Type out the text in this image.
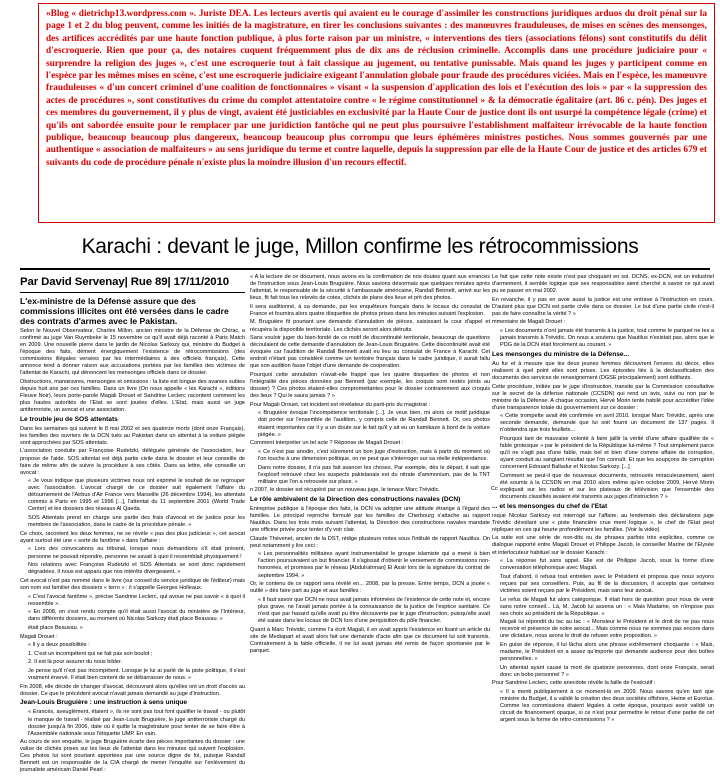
«Blog « dietrichp13.wordpress.com ». Juriste DEA. Les lecteurs avertis qui avaient eu le courage d'assimiler les constructions juridiques arduos du droit pénal sur la page 1 et 2 du blog peuvent, comme les initiés de la magistrature, en tirer les conclusions suivantes : des manœuvres frauduleuses, de mises en scènes des mensonges, des artifices accrédités par une haute fonction publique, à plus forte raison par un ministre, « interventions des tiers (associations félons) sont constitutifs du délit d'escroquerie. Rien que pour ça, des notaires cuquent fréquemment plus de dix ans de réclusion criminelle. Accomplis dans une procédure judiciaire pour « surprendre la religion des juges », c'est une escroquerie tout à fait classique au jugement, ou tentative punissable. Mais quand les juges y participent comme en l'espèce par les mêmes mises en scène, c'est une escroquerie judiciaire exigeant l'annulation globale pour fraude des procédures viciées. Mais en l'espèce, les manœuvre frauduleuses « d'un concert criminel d'une coalition de fonctionnaires » visant « la suspension d'application des lois et l'exécution des lois » par « la suppression des actes de procédures », sont constitutives du crime du complot attentatoire contre « le régime constitutionnel » & la démocratie égalitaire (art. 86 c. pén). Des juges et ces membres du gouvernement, il y plus de vingt, avaient été justiciables en exclusivité par la Haute Cour de justice dont ils ont usurpé la compétence légale (crime) et qu'ils ont sabordée ensuite pour le remplacer par une juridiction fantôche qui ne peut plus poursuivre l'establishment malfaiteur irrévocable de la haute fonction publique, beaucoup beaucoup plus dangereux, beaucoup beaucoup plus corrompu que leurs éphémères ministres postiches. Nous sommes gouvernés par une authentique « association de malfaiteurs » au sens juridique du terme et contre laquelle, depuis la suppression par elle de la Haute Cour de justice et des articles 679 et suivants du code de procédure pénale n'existe plus la moindre illusion d'un recours effectif.

Karachi : devant le juge, Millon confirme les rétrocommissions
Par David Servenay| Rue 89| 17/11/2010
L'ex-ministre de la Défense assure que des commissions illicites ont été versées dans le cadre des contrats d'armes avec le Pakistan.

Selon le Nouvel Observateur, Charles Millon, ancien ministre de la Défense de Chirac, a confirmé au juge Van Ruymbeke le 15 novembre ce qu'il avait déjà raconté à Paris Match en 2009. Une nouvelle pierre dans le jardin de Nicolas Sarkozy qui, ministre du Budget à l'époque des faits, dément énergiquement l'existence de rétrocommissions (des commissions illégales versées par les intermédiaires à des officiels français). Cette annonce tend à donner raison aux accusations portées par les familles des victimes de l'attentat de Karachi, qui dénoncent les mensonges officiels dans ce dossier.

Obstructions, manœuvres, mensonges et omissions : la liste est longue des avanies subies depuis huit ans par ces familles. Dans un livre (On nous appelle « les Karachi », éditions Fleuve Noir), leurs porte-parole Magali Drouet et Sandrine Leclerc racontent comment les plus hautes autorités de l'Etat se sont jouées d'elles. L'Etat, mais aussi un juge antiterroriste, un avocat et une association.

Le trouble jeu de SOS attentats

Dans les semaines qui suivent le 8 mai 2002 et ses quatorze morts (dont onze Français), les familles des ouvriers de la DCN tués au Pakistan dans un attentat à la voiture piégée sont approchées par SOS attentats.

L'association conduite par Françoise Rudetzki, déléguée générale de l'association, leur propose de l'aide. SOS attentat est déjà partie civile dans le dossier et leur conseille de faire de même afin de suivre la procédure à ses côtés. Dans sa lettre, elle conseille un avocat :

« Je vous indique que plusieurs victimes nous ont exprimé le souhait de se regrouper avec l'association. L'avocat chargé de ce dossier suit également l'affaire du détournement de l'Airbus d'Air France vers Marseille (26 décembre 1994), les attentats commis à Paris en 1995 et 1996 [...], l'attentat du 11 septembre 2001 (World Trade Center) et les dossiers des réseaux Al Qaeda.

SOS Attentats prend en charge une partie des frais d'avocat et de justice pour les membres de l'association, dans le cadre de la procédure pénale. »

Ce choix, racontent les deux femmes, ne se révèle « pas des plus judicieux », cet avocat ayant surtout été une « sorte de fantôme » dans l'affaire :

« Lors des convocations au tribunal, lorsque nous demandions s'il était présent, personne ne pouvait répondre, personne ne savait à quoi il ressemblait physiquement !

Nos relations avec Françoise Rudetzki et SOS Attentats se sont donc rapidement dégradées. Il nous est apparu que nos intérêts divergeaient. »

Cet avocat n'est pas nommé dans le livre (sur conseil du service juridique de l'éditeur) mais son nom est familier des dossiers « terro » : il s'appelle Georges Holleaux.

« C'est l'avocat fantôme », précise Sandrine Leclerc, qui avoue ne pas savoir « à quoi il ressemble ».

« En 2008, on s'est rendu compte qu'il était aussi l'avocat du ministère de l'Intérieur, dans différents dossiers, au moment où Nicolas Sarkozy était place Beauvau. »

était place Beauvau. »

Magali Drouet :

« Il y a deux possibilités :

1. C'est un incompétent qui ne fait pas son boulot ;

2. Il est là pour assurer du nous bilder.

Je pense qu'il n'est pas incompétent. Lorsque je lui ai parlé de la piste politique, il s'est vraiment énervé. Il était bien content de se débarrasser de nous. »

Fin 2008, elle décide de changer d'avocat, découvrant alors qu'elles ont un droit d'accès au dossier. Ce que le précédent avocat n'avait jamais demandé au juge d'instruction.

Jean-Louis Bruguière : une instruction à sens unique

« Erancés, aveuglément, étaient », ils ne sont pas tout font qualifier le travail - ou plutôt le manque de travail - réalisé par Jean-Louis Bruguière, le juge antiterroriste chargé du dossier jusqu'à fin 2006, date où il quitte la magistrature pour tenter de se faire élire à l'Assemblée nationale sous l'étiquette UMP. En vain.

Au cours de son enquête, le juge Bruguière écarte des pièces importantes du dossier : une valise de clichés prises sur les lieux de l'attentat dans les minutes qui suivent l'explosion. Ces photos lui sont pourtant apportées par une source digne de foi, puisque Randall Bennett est un responsable de la CIA chargé de mener l'enquête sur l'enlèvement du journaliste américain Daniel Pearl :

« A la lecture de ce document, nous avons eu la confirmation de nos doutes quant aux errances de l'instruction sous Jean-Louis Bruguière. Nous savions désormais que quelques minutes après l'attentat, le responsable de la sécurité à l'ambassade américaine, Randall Bennett, arrivé sur les lieux, fit fait tous les relevés de cotes, clichés de plans des lieux et prit des photos.

Il sera auditionné, à sa demande, par les enquêteurs français dans le locaux du consulat de France et fournira alors quatre disquettes de photos prises dans les minutes suivant l'explosion.

M. Bruguière fit pourtant une demande d'annulation de pièces, saisissant la cour d'appel et récupéra la disponible territoriale. Les clichés seront alors détruits.

Sans vouloir juger du bien-fondé de ce motif de discontinuité territoriale, beaucoup de questions découlaient de cette demande d'annulation de Jean-Louis Bruguière. Cette discontinuité avait été évoquée car l'audition de Randall Bennett avait eu lieu au consulat de France à Karachi. Cet endroit n'étant pas considéré comme un territoire français dans le cadre juridique, il aurait fallu que son audition fasse l'objet d'une demande de coopération.

Pourquoi cette annulation n'avait-elle frappé que les quatre disquettes de photos et non l'intégralité des pièces données par Bennett (par exemple, les croquis sont restés joints au dossier) ? Ces photos étaient-elles compromettantes pour le dossier contrairement aux croquis des lieux ? Qui le saura jamais ? »

Pour Magali Drouet, cet incident est révélateur du parti-pris du magistrat :

« Bruguière évoque l'incompétence territoriale [...]. Je veux bien, mi alors ce motif juridique doit porter sur l'ensemble de l'audition, y compris celle de Randall Bennett. Or, ces photos étaient importantes car il y a un doute sur le fait qu'il y ait eu un kamikaze à bord de la voiture piégée. »

Comment interpréter un tel acte ? Réponse de Magali Drouet :

« Ce n'est pas anodin, c'est sûrement un bon juge d'instruction, mais à partir du moment où l'on touche à une dimension politique, on ne peut que s'interroger sur sa réelle indépendance.

Dans notre dossier, il n'a pas fait avancer les choses. Par exemple, dès le départ, il sait que l'explosif retrouvé chez les suspects pakistanais est du nitrate d'ammonium, pas de la TNT militaire que l'on a retrouvée sur place. »

n 2007, le dossier est récupéré par un nouveau juge, le tenace Marc Trévidic.

Le rôle ambivalent de la Direction des constructions navales (DCN)

Entreprise publique à l'époque des faits, la DCN va adopter une attitude étrange à l'égard des familles. Le principal reproche formulé par les familles de Cherbourg s'attache au rapport Nautilus. Dans les trois mois suivant l'attentat, la Direction des constructions navales mandate une officine privée pour tenter d'y voir clair.

Claude Thévenet, ancien de la DST, rédige plusieurs notes sous l'intitulé de rapport Nautilus. On peut notamment y lire ceci :

« Les personnalités militaires ayant instrumentalisé le groupe islamiste qui a mené à bien l'action poursuivaient un but financier. Il s'agissait d'obtenir le versement de commissions non-honorées, et promises par le réseau [Abdulrahman] El Assir lors de la signature du contrat de septembre 1994. »

Or, le contenu de ce rapport sera révélé en... 2008, par la presse. Entre temps, DCN a jouée « outilé » dès faire part au juge et aux familles :

« Il faut savoir que DCN ne nous avait jamais informées de l'existence de cette note et, encore plus grave, ne l'avait jamais portée à la connaissance de la justice de l'espèce sanitaire. Ce n'est que par hasard qu'elle avait pu être découverte par le juge d'instruction, puisqu'elle avait été saisie dans les locaux de DCN lors d'une perquisition du pôle financier.

Quant à Marc Trévidic, comme l'a écrit Magali, il en avait appris l'existence en lisant un article du site de Mediapart et avait alors fait une demande d'acte afin que ce document lui soit transmis. Contrairement à la fable officielle, il ne lui avait jamais été remis de façon spontanée par le parquet.

Le fait que cette note existe n'est pas choquant en soi. DCNS, ex-DCN, est un industriel d'armement, il semble logique que ses responsables aient cherché à savoir ce qui avait pu se passer en mai 2002.

En revanche, il y pas en avoir aussi la justice est une entrave à l'instruction en cours. D'autant plus que DCN est partie civile dans ce dossier. Le but d'une partie civile n'est-il pas de faire connaître la vérité ? »

mmentaire de Magali Drouet :

« Les documents n'ont jamais été transmis à la justice, tout comme le parquet ne les a jamais transmis à Trévidic. On nous a soutenu que Nautilus n'existait pas, alors que le PDG de la DCN était forcément au courant. »

Les mensonges du ministre de la Défense...

Au fur et à mesure que les deux jeunes femmes découvrent l'envers du décor, elles réalisent à quel point elles sont prises. Les épisodes liés à la déclassification des documents des services de renseignement (DGSE principalement) sont édifiants.

Cette procédure, initiée par le juge d'instruction, transite par la Commission consultative sur le secret de la défense nationale (CCSDN) qui rend un avis, suivi ou non par le ministre de la Défense. A chaque occasion, Hervé Morin tente habilé pour accréditer l'idée d'une transparence totale du gouvernement sur ce dossier :

« Cette trompette avait été confirmée en avril 2010, lorsque Marc Trévidic, après une seconde demande, demande que lui soit fourni un document de 137 pages. Il n'obtiendra que trois feuillets...

Pourquoi tant de mauvaise volonté à faire jaillir la vérité d'une affaire qualifiée de « fable grotesque » par le président de la République lui-même ? Tout simplement parce qu'il ne s'agit pas d'une fable, mais bel et bien d'une comme affaire de corruption, ayant conduit au sanglant résultat que l'on connaît. Et que les soupçons de corruption concernent Edouard Balladur et Nicolas Sarkozy. [...]

Comment se peut-il que de nouveaux documents, retrouvés miraculeusement, aient été soumis à la CCSDN en mai 2010 alors même qu'en octobre 2009, Hervé Morin expliquait sur les radios et sur les plateaux de télévision que l'ensemble des documents classifiés avaient été transmis aux juges d'instruction ? »

... et les mensonges du chef de l'Etat

rsque Nicolas Sarkozy est interrogé sur l'affaire, au lendemain des déclarations juge Trévidic dévoilant une « piste financière crue ment logique », le chef de l'Etat peut répliquer en ces qui heurte profondément les familles. (Voir la vidéo)

La suite est une série de non-dits ou de phrases parfois très explicites, comme ce dialogue rapporté entre Magali Drouet et Philippe Jacob, le conseiller Marine de l'Elysée et interlocuteur habituel sur le dossier Karachi :

« La réponse fut sans appel. Elle est de Philippe Jacob, sous la forme d'une conversation téléphonique avec Magali.

Tout d'abord, il refusa tout entretien avec le Président et proposa que nous soyons reçues par ses conseillers. Puis, au fil de la discussion, il accepta que certaines victimes soient reçues par le Président, mais sans leur avocat.

Le refus de Magali fut alors catégorique. Il était hors de question pour nous de venir sans notre conseil... Là, M. Jacob lui assena un : « Mais Madame, on n'impose pas ses choix au président de la République. »

Magali lui répondit du tac au tac : « Monsieur le Président et le droit de ne pas nous recevoir et présence de notre avocat... Mais comme nous ne sommes pas encore dans une dictature, nous avons le droit de refuser votre proposition. »

En guise de réponse, il lui lâcha alors une phrase extrêmement choquante : « Mais, madame, le Président en a assez qu'importe qui demande audience pour des boîtes personnelles. »

Un attentat ayant causé la mort de quatorze personnes, dont onze Français, serait donc un bobo personnel ? »

Pour Sandrine Leclerc, cette anecdote révèle la faille de l'exécutif :

« Il a menti publiquement à ce moment-là en 2009. Nous savons qu'en tant que ministre du Budget, il a validé la création des deux sociétés offshore, Heine et Eurolux. Comme les commissions étaient légales à cette époque, pourquoi avoir validé un circuit de financement opaque, si ce n'est pour permettre le retour d'une partie de cet argent sous la forme de rétro-commissions ? »

Cc
